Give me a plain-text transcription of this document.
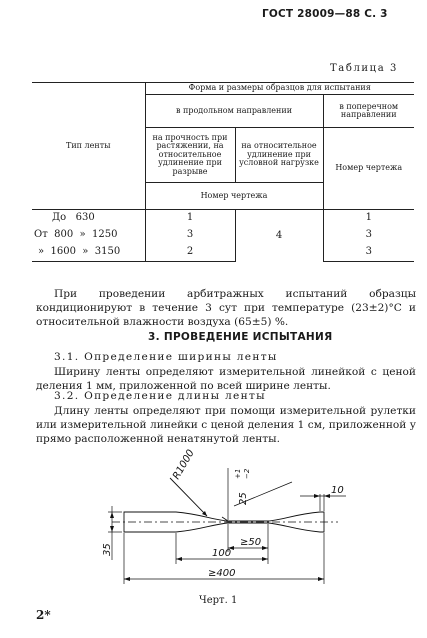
ГОСТ 28009—88 С. 3
Таблица 3
Тип ленты	Форма и размеры образцов для испытания		
	в продольном направлении		в поперечном направлении
	на прочность при растяжении, на относительное удлинение при разрыве	на относительное удлинение при условной нагрузке	Номер чертежа
	Номер чертежа		
До   630	1	4	1
От  800  »  1250	3		3
»  1600  »  3150	2		3
При проведении арбитражных испытаний образцы кондиционируют в течение 3 сут при температуре (23±2)°С и относительной влажности воздуха (65±5) %.
3. ПРОВЕДЕНИЕ ИСПЫТАНИЯ
3.1. Определение ширины ленты
Ширину ленты определяют измерительной линейкой с ценой деления 1 мм, приложенной по всей ширине ленты.
3.2. Определение длины ленты
Длину ленты определяют при помощи измерительной рулетки или измерительной линейки с ценой деления 1 см, приложенной у прямо расположенной ненатянутой ленты.
R1000
25
+1 −2
10
35	100
≥50
≥400
Черт. 1
2*
